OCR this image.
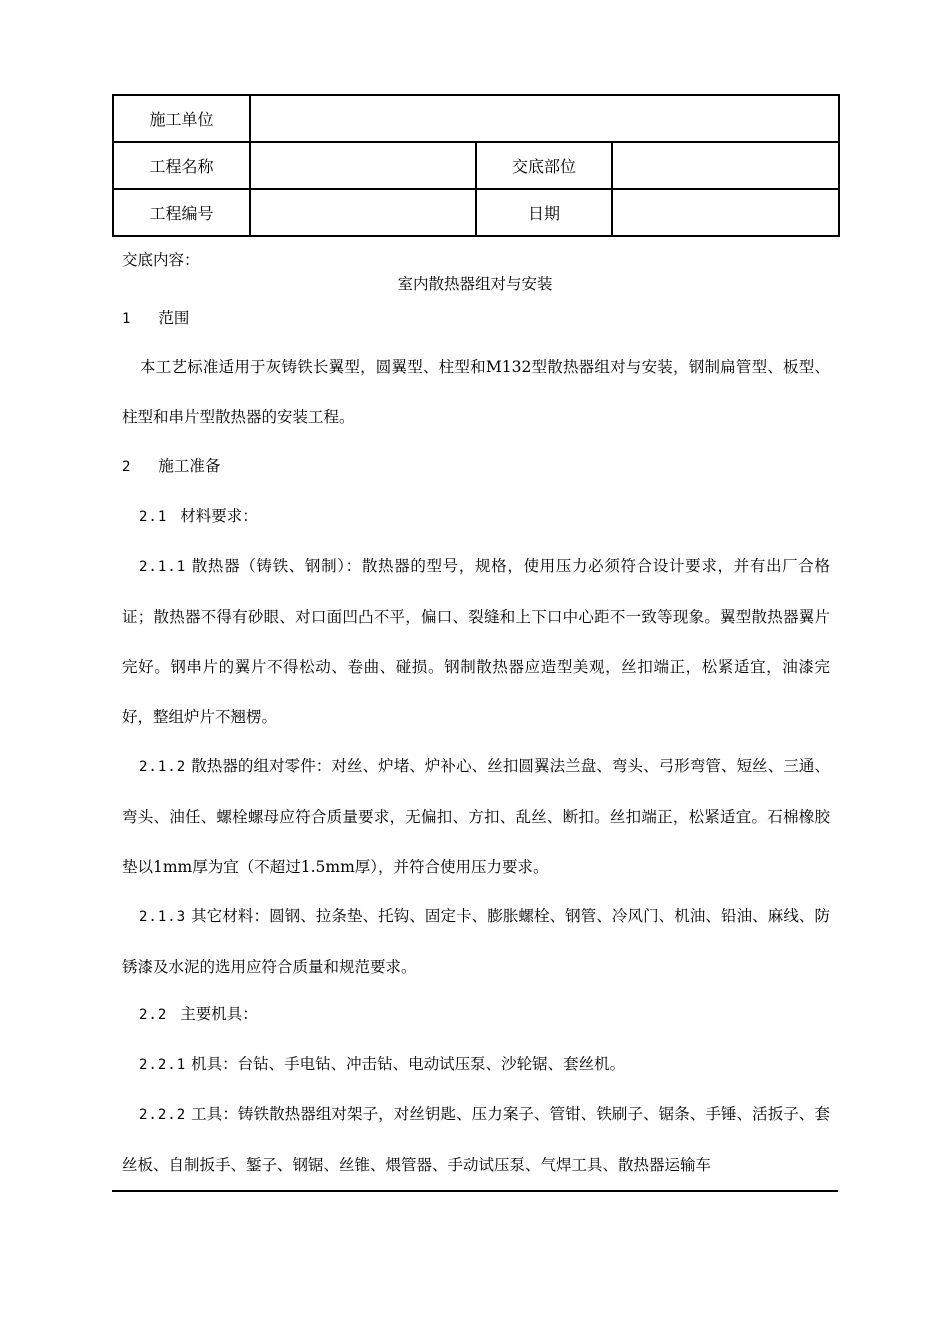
施工单位			
工程名称		交底部位	
工程编号		日期	
交底内容：
室内散热器组对与安装
1 范围
本工艺标准适用于灰铸铁长翼型，圆翼型、柱型和M132型散热器组对与安装，钢制扁管型、板型、柱型和串片型散热器的安装工程。
2 施工准备
2.1 材料要求：
2.1.1 散热器（铸铁、钢制）：散热器的型号，规格，使用压力必须符合设计要求，并有出厂合格证；散热器不得有砂眼、对口面凹凸不平，偏口、裂缝和上下口中心距不一致等现象。翼型散热器翼片完好。钢串片的翼片不得松动、卷曲、碰损。钢制散热器应造型美观，丝扣端正，松紧适宜，油漆完好，整组炉片不翘楞。
2.1.2 散热器的组对零件：对丝、炉堵、炉补心、丝扣圆翼法兰盘、弯头、弓形弯管、短丝、三通、弯头、油任、螺栓螺母应符合质量要求，无偏扣、方扣、乱丝、断扣。丝扣端正，松紧适宜。石棉橡胶垫以1mm厚为宜（不超过1.5mm厚），并符合使用压力要求。
2.1.3 其它材料：圆钢、拉条垫、托钩、固定卡、膨胀螺栓、钢管、冷风门、机油、铅油、麻线、防锈漆及水泥的选用应符合质量和规范要求。
2.2 主要机具：
2.2.1 机具：台钻、手电钻、冲击钻、电动试压泵、沙轮锯、套丝机。
2.2.2 工具：铸铁散热器组对架子，对丝钥匙、压力案子、管钳、铁刷子、锯条、手锤、活扳子、套丝板、自制扳手、錾子、钢锯、丝锥、煨管器、手动试压泵、气焊工具、散热器运输车
